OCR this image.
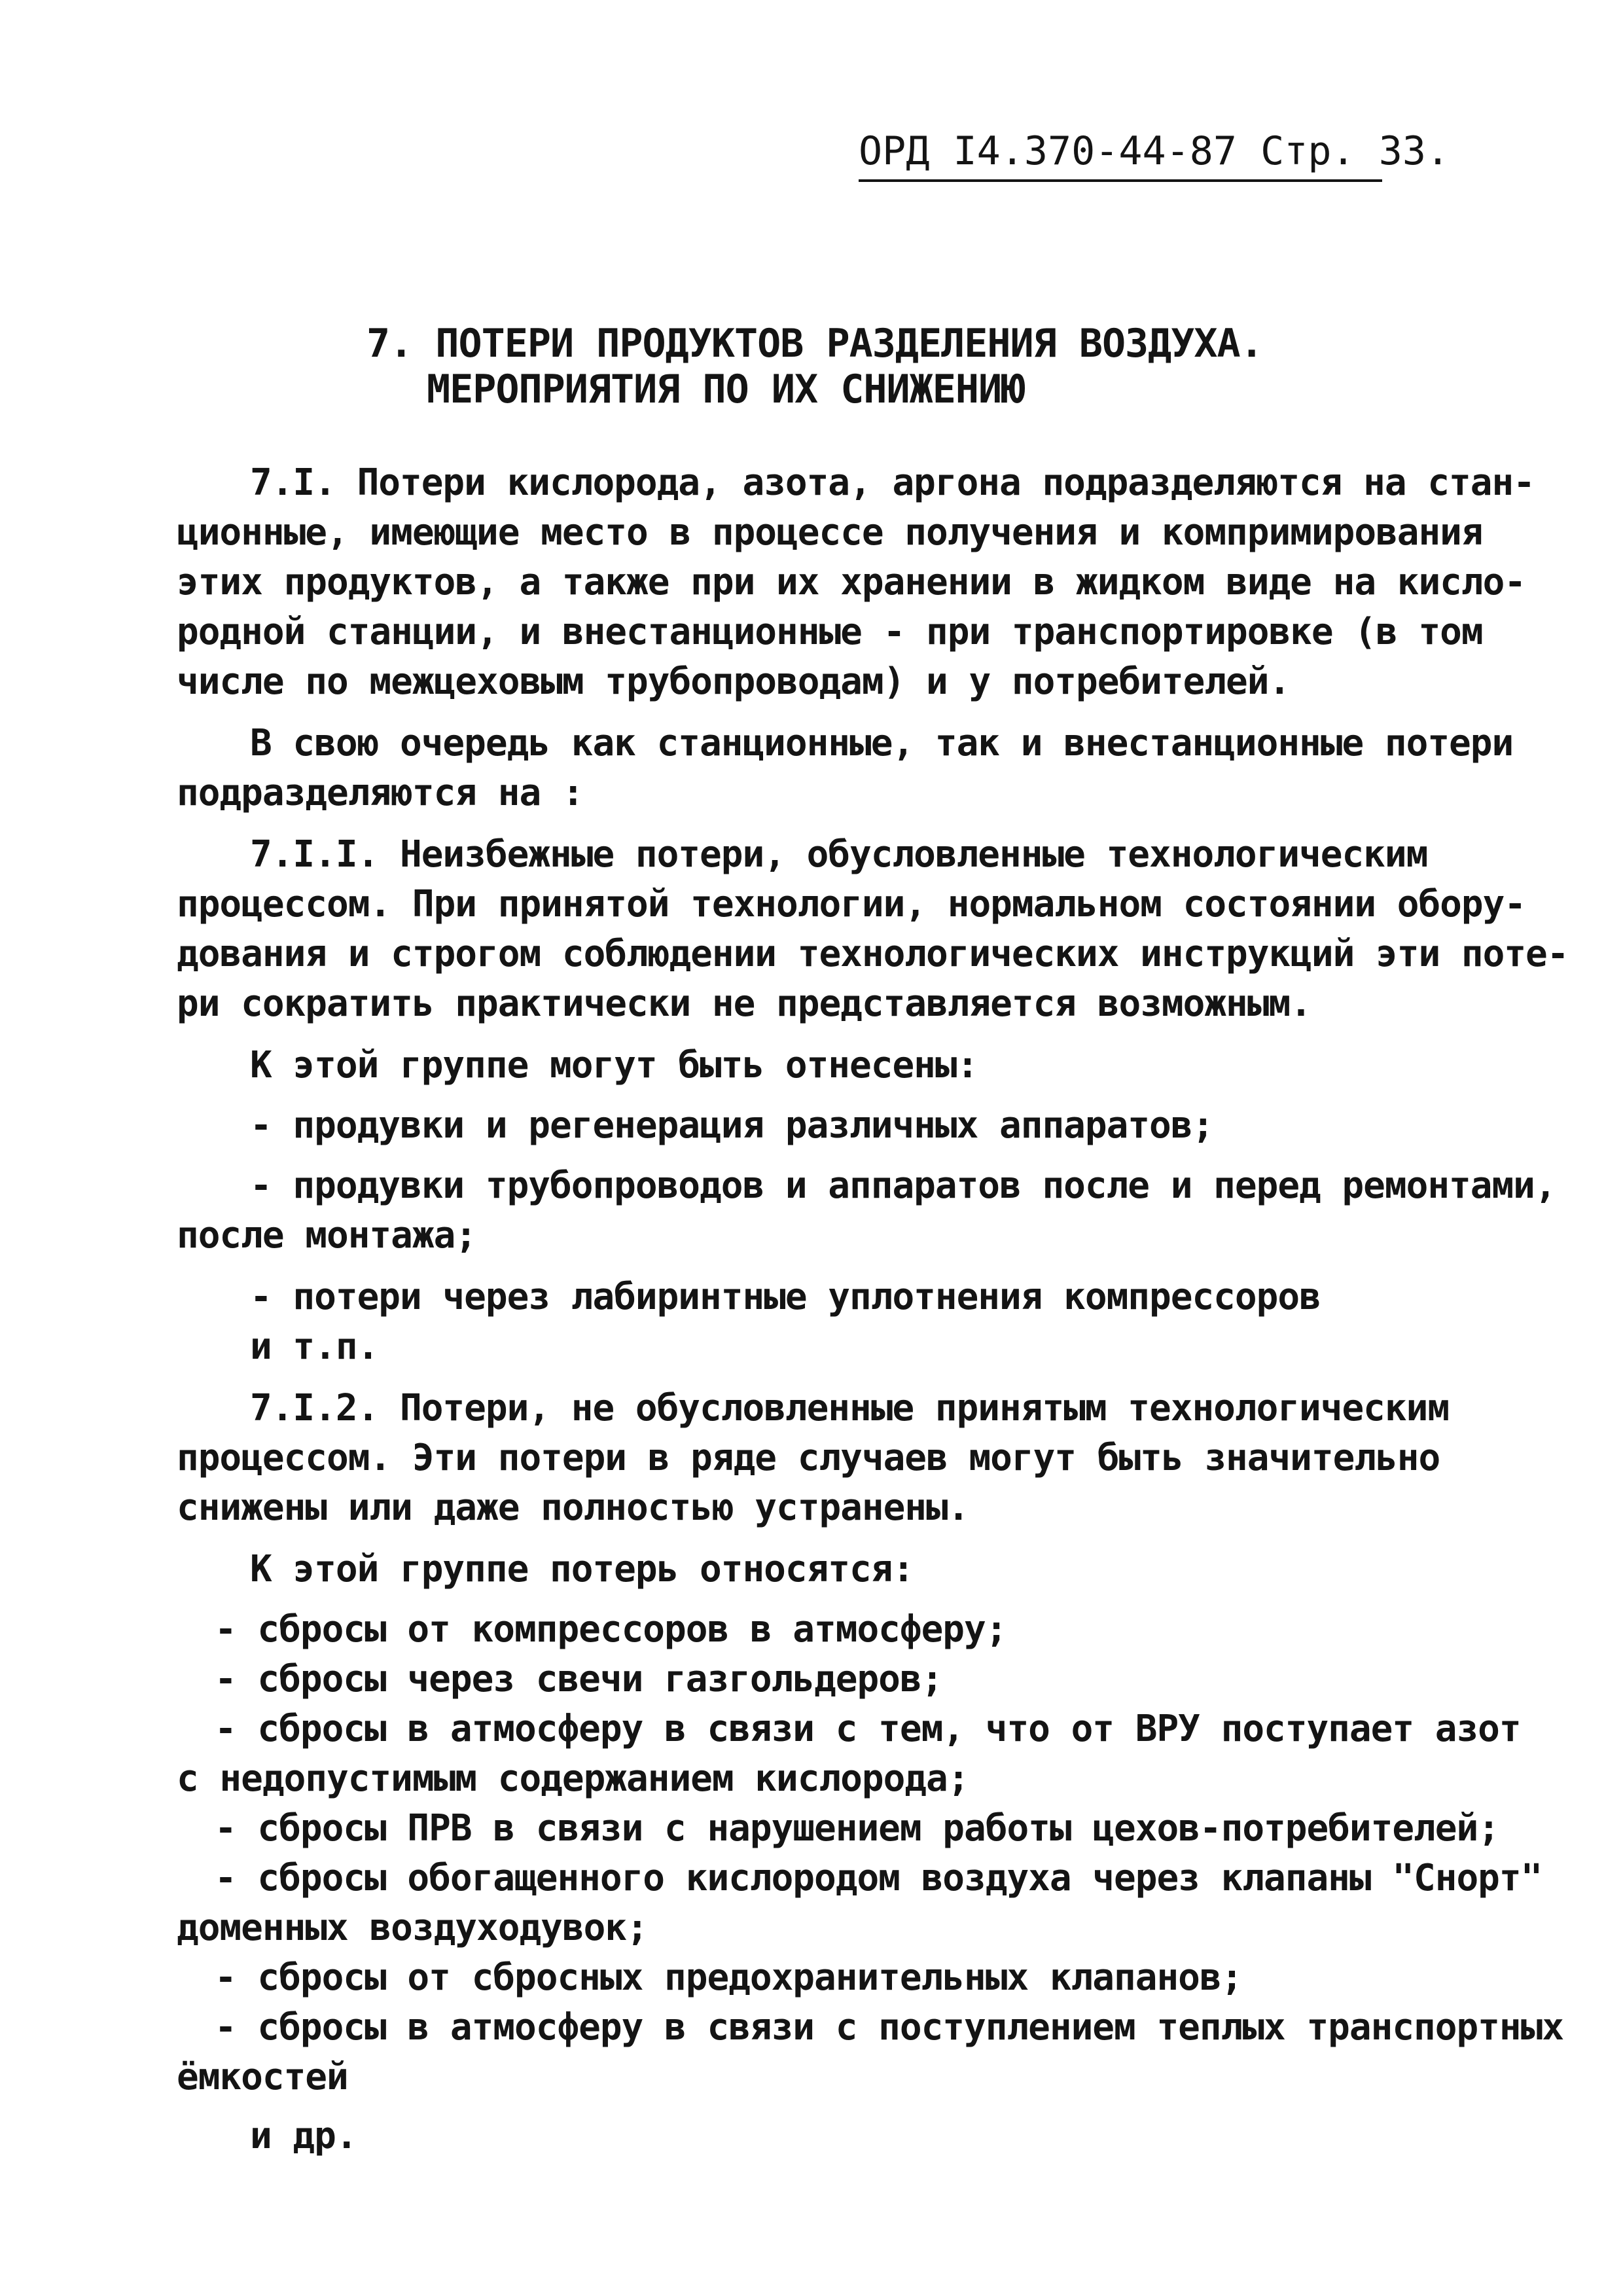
ОРД I4.370-44-87 Стр. 33.
7. ПОТЕРИ ПРОДУКТОВ РАЗДЕЛЕНИЯ ВОЗДУХА.
МЕРОПРИЯТИЯ ПО ИХ СНИЖЕНИЮ
7.I. Потери кислорода, азота, аргона подразделяются на стан-
ционные, имеющие место в процессе получения и компримирования
этих продуктов, а также при их хранении в жидком виде на кисло-
родной станции, и внестанционные - при транспортировке (в том
числе по межцеховым трубопроводам) и у потребителей.
В свою очередь как станционные, так и внестанционные потери
подразделяются на :
7.I.I. Неизбежные потери, обусловленные технологическим
процессом. При принятой технологии, нормальном состоянии обору-
дования и строгом соблюдении технологических инструкций эти поте-
ри сократить практически не представляется возможным.
К этой группе могут быть отнесены:
- продувки и регенерация различных аппаратов;
- продувки трубопроводов и аппаратов после и перед ремонтами,
после монтажа;
- потери через лабиринтные уплотнения компрессоров
и т.п.
7.I.2. Потери, не обусловленные принятым технологическим
процессом. Эти потери в ряде случаев могут быть значительно
снижены или даже полностью устранены.
К этой группе потерь относятся:
- сбросы от компрессоров в атмосферу;
- сбросы через свечи газгольдеров;
- сбросы в атмосферу в связи с тем, что от ВРУ поступает азот
с недопустимым содержанием кислорода;
- сбросы ПРВ в связи с нарушением работы цехов-потребителей;
- сбросы обогащенного кислородом воздуха через клапаны "Снорт"
доменных воздуходувок;
- сбросы от сбросных предохранительных клапанов;
- сбросы в атмосферу в связи с поступлением теплых транспортных
ёмкостей
и др.
